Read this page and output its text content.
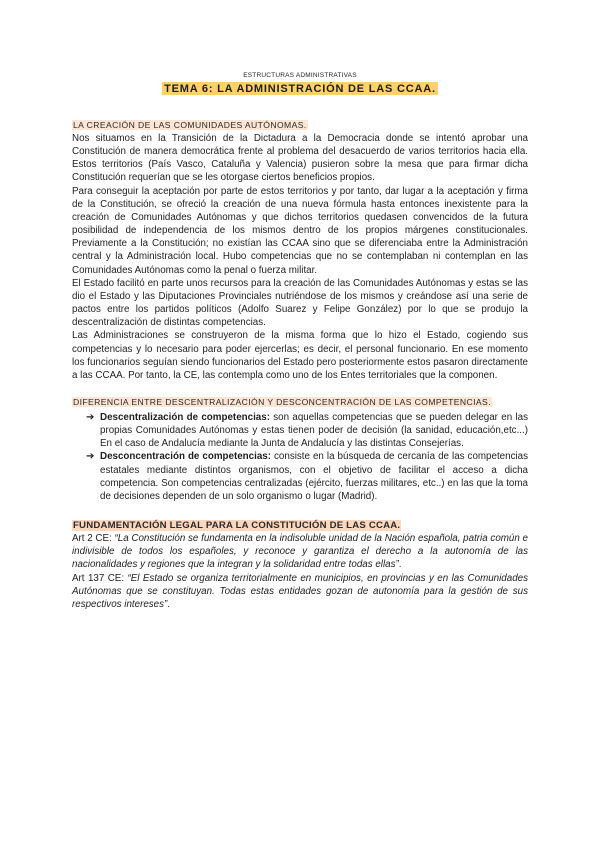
ESTRUCTURAS ADMINISTRATIVAS
TEMA 6: LA ADMINISTRACIÓN DE LAS CCAA.
LA CREACIÓN DE LAS COMUNIDADES AUTÓNOMAS.

Nos situamos en la Transición de la Dictadura a la Democracia donde se intentó aprobar una Constitución de manera democrática frente al problema del desacuerdo de varios territorios hacia ella. Estos territorios (País Vasco, Cataluña y Valencia) pusieron sobre la mesa que para firmar dicha Constitución requerían que se les otorgase ciertos beneficios propios.

Para conseguir la aceptación por parte de estos territorios y por tanto, dar lugar a la aceptación y firma de la Constitución, se ofreció la creación de una nueva fórmula hasta entonces inexistente para la creación de Comunidades Autónomas y que dichos territorios quedasen convencidos de la futura posibilidad de independencia de los mismos dentro de los propios márgenes constitucionales. Previamente a la Constitución; no existían las CCAA sino que se diferenciaba entre la Administración central y la Administración local. Hubo competencias que no se contemplaban ni contemplan en las Comunidades Autónomas como la penal o fuerza militar.

El Estado facilitó en parte unos recursos para la creación de las Comunidades Autónomas y estas se las dio el Estado y las Diputaciones Provinciales nutriéndose de los mismos y creándose así una serie de pactos entre los partidos políticos (Adolfo Suarez y Felipe González) por lo que se produjo la descentralización de distintas competencias.

Las Administraciones se construyeron de la misma forma que lo hizo el Estado, cogiendo sus competencias y lo necesario para poder ejercerlas; es decir, el personal funcionario. En ese momento los funcionarios seguían siendo funcionarios del Estado pero posteriormente estos pasaron directamente a las CCAA. Por tanto, la CE, las contempla como uno de los Entes territoriales que la componen.

DIFERENCIA ENTRE DESCENTRALIZACIÓN Y DESCONCENTRACIÓN DE LAS COMPETENCIAS.
➔ Descentralización de competencias: son aquellas competencias que se pueden delegar en las propias Comunidades Autónomas y estas tienen poder de decisión (la sanidad, educación,etc...) En el caso de Andalucía mediante la Junta de Andalucía y las distintas Consejerías.
➔ Desconcentración de competencias: consiste en la búsqueda de cercanía de las competencias estatales mediante distintos organismos, con el objetivo de facilitar el acceso a dicha competencia. Son competencias centralizadas (ejército, fuerzas militares, etc..) en las que la toma de decisiones dependen de un solo organismo o lugar (Madrid).
FUNDAMENTACIÓN LEGAL PARA LA CONSTITUCIÓN DE LAS CCAA.

Art 2 CE: “La Constitución se fundamenta en la indisoluble unidad de la Nación española, patria común e indivisible de todos los españoles, y reconoce y garantiza el derecho a la autonomía de las nacionalidades y regiones que la integran y la solidaridad entre todas ellas”.

Art 137 CE: “El Estado se organiza territorialmente en municipios, en provincias y en las Comunidades Autónomas que se constituyan. Todas estas entidades gozan de autonomía para la gestión de sus respectivos intereses”.
